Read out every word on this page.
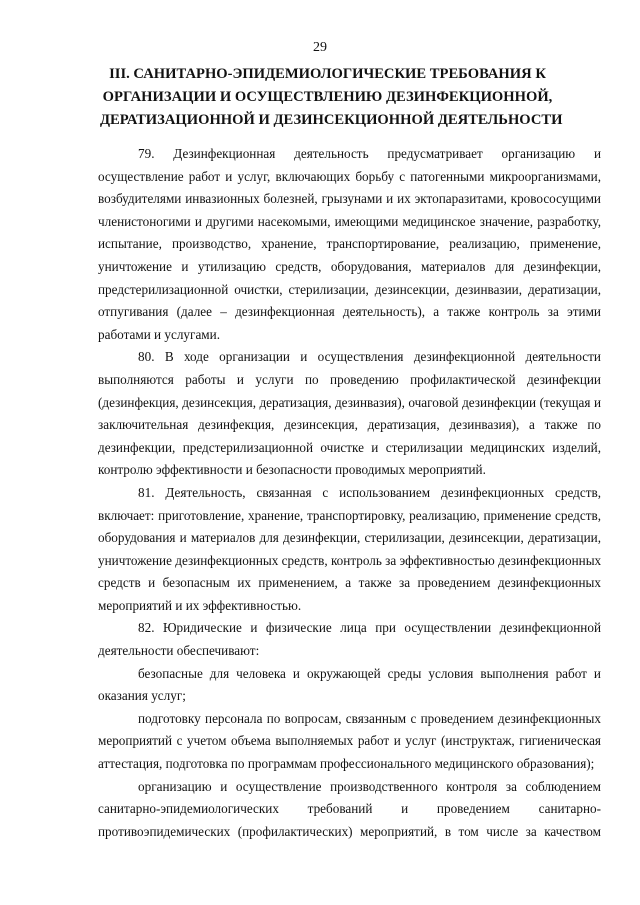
29
III. САНИТАРНО-ЭПИДЕМИОЛОГИЧЕСКИЕ ТРЕБОВАНИЯ К
ОРГАНИЗАЦИИ И ОСУЩЕСТВЛЕНИЮ ДЕЗИНФЕКЦИОННОЙ,
ДЕРАТИЗАЦИОННОЙ И ДЕЗИНСЕКЦИОННОЙ ДЕЯТЕЛЬНОСТИ
79. Дезинфекционная деятельность предусматривает организацию и
осуществление работ и услуг, включающих борьбу с патогенными микроорганизмами,
возбудителями инвазионных болезней, грызунами и их эктопаразитами, кровососущими
членистоногими и другими насекомыми, имеющими медицинское значение, разработку,
испытание, производство, хранение, транспортирование, реализацию, применение,
уничтожение и утилизацию средств, оборудования, материалов для дезинфекции,
предстерилизационной очистки, стерилизации, дезинсекции, дезинвазии, дератизации,
отпугивания (далее – дезинфекционная деятельность), а также контроль за этими
работами и услугами.
80. В ходе организации и осуществления дезинфекционной деятельности
выполняются работы и услуги по проведению профилактической дезинфекции
(дезинфекция, дезинсекция, дератизация, дезинвазия), очаговой дезинфекции (текущая и
заключительная дезинфекция, дезинсекция, дератизация, дезинвазия), а также по
дезинфекции, предстерилизационной очистке и стерилизации медицинских изделий,
контролю эффективности и безопасности проводимых мероприятий.
81. Деятельность, связанная с использованием дезинфекционных средств,
включает: приготовление, хранение, транспортировку, реализацию, применение средств,
оборудования и материалов для дезинфекции, стерилизации, дезинсекции, дератизации,
уничтожение дезинфекционных средств, контроль за эффективностью дезинфекционных
средств и безопасным их применением, а также за проведением дезинфекционных
мероприятий и их эффективностью.
82. Юридические и физические лица при осуществлении дезинфекционной
деятельности обеспечивают:
безопасные для человека и окружающей среды условия выполнения работ и
оказания услуг;
подготовку персонала по вопросам, связанным с проведением дезинфекционных
мероприятий с учетом объема выполняемых работ и услуг (инструктаж, гигиеническая
аттестация, подготовка по программам профессионального медицинского образования);
организацию и осуществление производственного контроля за соблюдением
санитарно-эпидемиологических требований и проведением санитарно-
противоэпидемических (профилактических) мероприятий, в том числе за качеством
